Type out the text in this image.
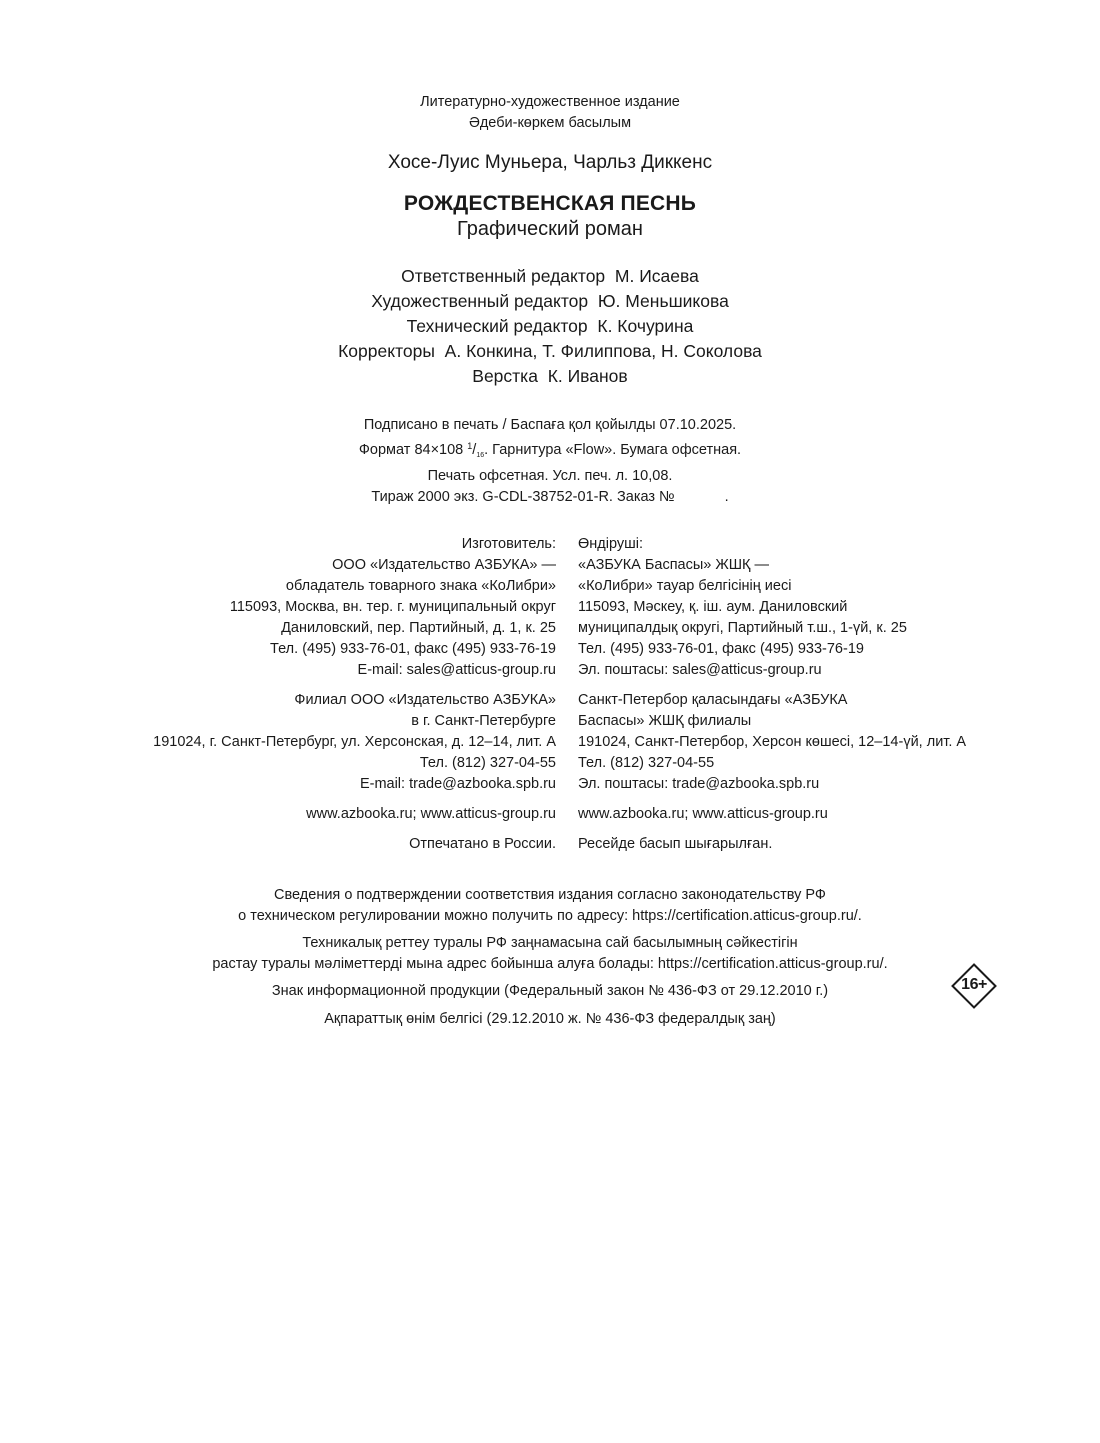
Литературно-художественное издание
Әдеби-көркем басылым
Хосе-Луис Муньера, Чарльз Диккенс
РОЖДЕСТВЕНСКАЯ ПЕСНЬ
Графический роман
Ответственный редактор М. Исаева
Художественный редактор Ю. Меньшикова
Технический редактор К. Кочурина
Корректоры А. Конкина, Т. Филиппова, Н. Соколова
Верстка К. Иванов
Подписано в печать / Баспаға қол қойылды 07.10.2025.
Формат 84×108 $^1/_{16}$. Гарнитура «Flow». Бумага офсетная.
Печать офсетная. Усл. печ. л. 10,08.
Тираж 2000 экз. G-CDL-38752-01-R. Заказ №	.
Изготовитель:
ООО «Издательство АЗБУКА» —
обладатель товарного знака «КоЛибри»
115093, Москва, вн. тер. г. муниципальный округ
Даниловский, пер. Партийный, д. 1, к. 25
Тел. (495) 933-76-01, факс (495) 933-76-19
E-mail: sales@atticus-group.ru
Филиал ООО «Издательство АЗБУКА»
в г. Санкт-Петербурге
191024, г. Санкт-Петербург, ул. Херсонская, д. 12–14, лит. А
Тел. (812) 327-04-55
E-mail: trade@azbooka.spb.ru
www.azbooka.ru; www.atticus-group.ru
Отпечатано в России.
Өндіруші:
«АЗБУКА Баспасы» ЖШҚ —
«КоЛибри» тауар белгісінің иесі
115093, Мәскеу, қ. іш. аум. Даниловский
муниципалдық округі, Партийный т.ш., 1-үй, к. 25
Тел. (495) 933-76-01, факс (495) 933-76-19
Эл. поштасы: sales@atticus-group.ru
Санкт-Петербор қаласындағы «АЗБУКА
Баспасы» ЖШҚ филиалы
191024, Санкт-Петербор, Херсон көшесі, 12–14-үй, лит. А
Тел. (812) 327-04-55
Эл. поштасы: trade@azbooka.spb.ru
www.azbooka.ru; www.atticus-group.ru
Ресейде басып шығарылған.
Сведения о подтверждении соответствия издания согласно законодательству РФ
о техническом регулировании можно получить по адресу: https://certification.atticus-group.ru/.
Техникалық реттеу туралы РФ заңнамасына сай басылымның сәйкестігін
растау туралы мәліметтерді мына адрес бойынша алуға болады: https://certification.atticus-group.ru/.
Знак информационной продукции (Федеральный закон № 436-ФЗ от 29.12.2010 г.)
Ақпараттық өнім белгісі (29.12.2010 ж. № 436-ФЗ федералдық заң)
16+
